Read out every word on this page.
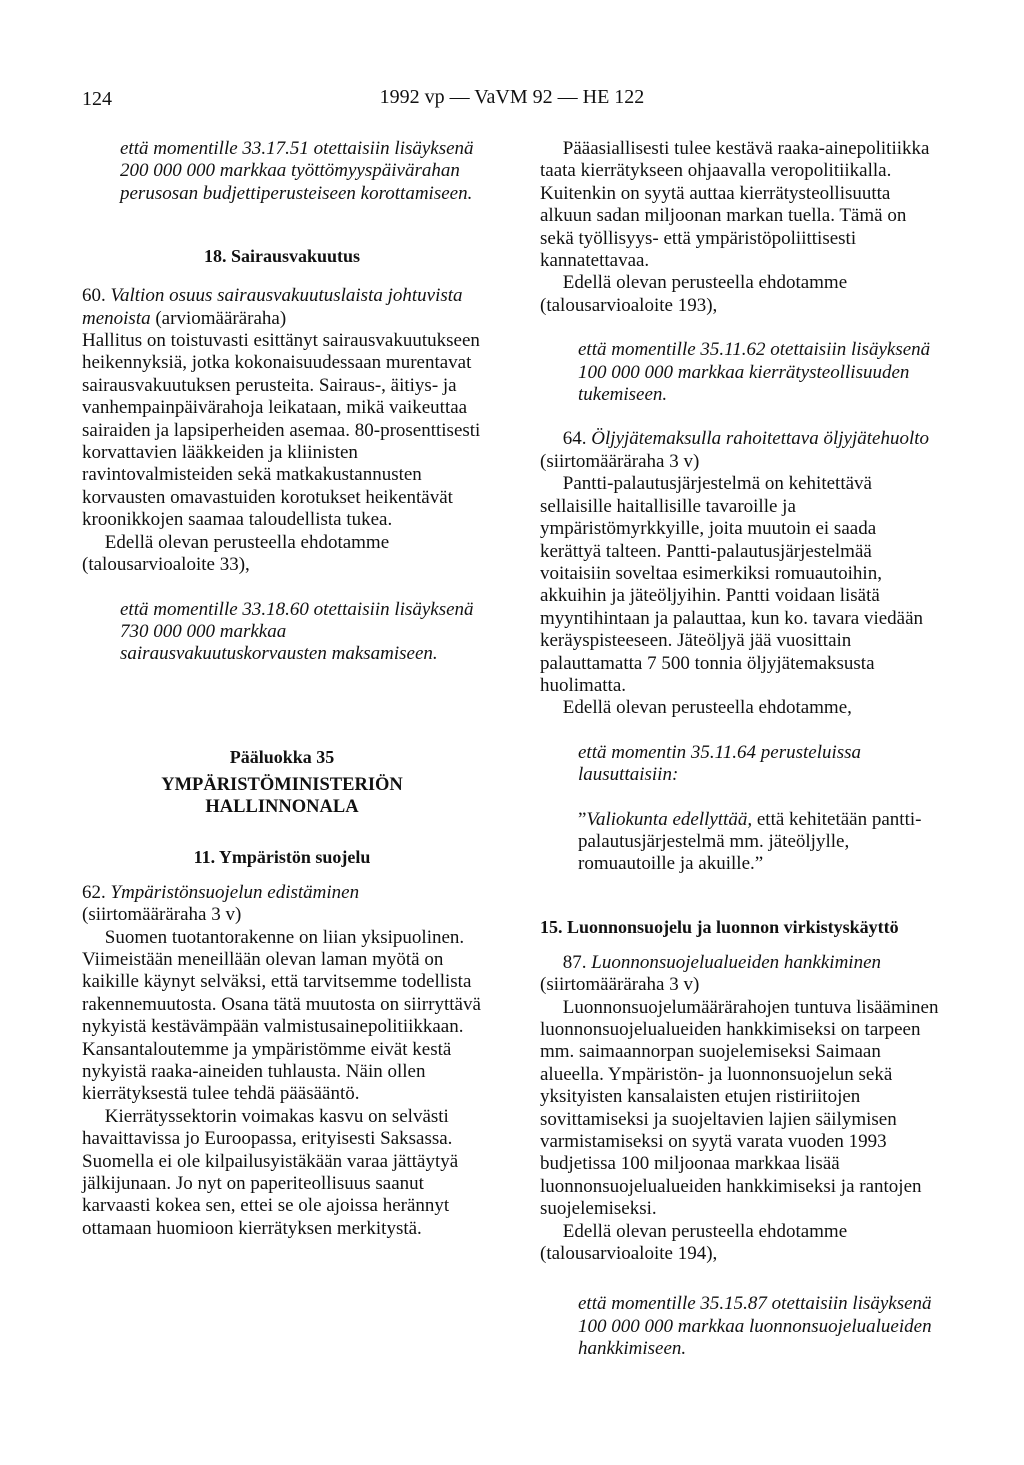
124	1992 vp — VaVM 92 — HE 122

että momentille 33.17.51 otettaisiin lisäyksenä 200 000 000 markkaa työttömyyspäivärahan perusosan budjettiperusteiseen korottamiseen.

18. Sairausvakuutus

60. Valtion osuus sairausvakuutuslaista johtuvista menoista (arviomääräraha)

Hallitus on toistuvasti esittänyt sairausvakuutukseen heikennyksiä, jotka kokonaisuudessaan murentavat sairausvakuutuksen perusteita. Sairaus-, äitiys- ja vanhempainpäivärahoja leikataan, mikä vaikeuttaa sairaiden ja lapsiperheiden asemaa. 80-prosenttisesti korvattavien lääkkeiden ja kliinisten ravintovalmisteiden sekä matkakustannusten korvausten omavastuiden korotukset heikentävät kroonikkojen saamaa taloudellista tukea.

Edellä olevan perusteella ehdotamme (talousarvioaloite 33),

että momentille 33.18.60 otettaisiin lisäyksenä 730 000 000 markkaa sairausvakuutuskorvausten maksamiseen.

Pääluokka 35

YMPÄRISTÖMINISTERIÖN HALLINNONALA

11. Ympäristön suojelu

62. Ympäristönsuojelun edistäminen (siirtomääräraha 3 v)

Suomen tuotantorakenne on liian yksipuolinen. Viimeistään meneillään olevan laman myötä on kaikille käynyt selväksi, että tarvitsemme todellista rakennemuutosta. Osana tätä muutosta on siirryttävä nykyistä kestävämpään valmistusainepolitiikkaan. Kansantaloutemme ja ympäristömme eivät kestä nykyistä raaka-aineiden tuhlausta. Näin ollen kierrätyksestä tulee tehdä pääsääntö.

Kierrätyssektorin voimakas kasvu on selvästi havaittavissa jo Euroopassa, erityisesti Saksassa. Suomella ei ole kilpailusyistäkään varaa jättäytyä jälkijunaan. Jo nyt on paperiteollisuus saanut karvaasti kokea sen, ettei se ole ajoissa herännyt ottamaan huomioon kierrätyksen merkitystä.

Pääasiallisesti tulee kestävä raaka-ainepolitiikka taata kierrätykseen ohjaavalla veropolitiikalla. Kuitenkin on syytä auttaa kierrätysteollisuutta alkuun sadan miljoonan markan tuella. Tämä on sekä työllisyys- että ympäristöpoliittisesti kannatettavaa.

Edellä olevan perusteella ehdotamme (talousarvioaloite 193),

että momentille 35.11.62 otettaisiin lisäyksenä 100 000 000 markkaa kierrätysteollisuuden tukemiseen.

64. Öljyjätemaksulla rahoitettava öljyjätehuolto (siirtomääräraha 3 v)

Pantti-palautusjärjestelmä on kehitettävä sellaisille haitallisille tavaroille ja ympäristömyrkkyille, joita muutoin ei saada kerättyä talteen. Pantti-palautusjärjestelmää voitaisiin soveltaa esimerkiksi romuautoihin, akkuihin ja jäteöljyihin. Pantti voidaan lisätä myyntihintaan ja palauttaa, kun ko. tavara viedään keräyspisteeseen. Jäteöljyä jää vuosittain palauttamatta 7 500 tonnia öljyjätemaksusta huolimatta.

Edellä olevan perusteella ehdotamme,

että momentin 35.11.64 perusteluissa lausuttaisiin:

”Valiokunta edellyttää, että kehitetään pantti-palautusjärjestelmä mm. jäteöljylle, romuautoille ja akuille.”

15. Luonnonsuojelu ja luonnon virkistyskäyttö

87. Luonnonsuojelualueiden hankkiminen (siirtomääräraha 3 v)

Luonnonsuojelumäärärahojen tuntuva lisääminen luonnonsuojelualueiden hankkimiseksi on tarpeen mm. saimaannorpan suojelemiseksi Saimaan alueella. Ympäristön- ja luonnonsuojelun sekä yksityisten kansalaisten etujen ristiriitojen sovittamiseksi ja suojeltavien lajien säilymisen varmistamiseksi on syytä varata vuoden 1993 budjetissa 100 miljoonaa markkaa lisää luonnonsuojelualueiden hankkimiseksi ja rantojen suojelemiseksi.

Edellä olevan perusteella ehdotamme (talousarvioaloite 194),

että momentille 35.15.87 otettaisiin lisäyksenä 100 000 000 markkaa luonnonsuojelualueiden hankkimiseen.
